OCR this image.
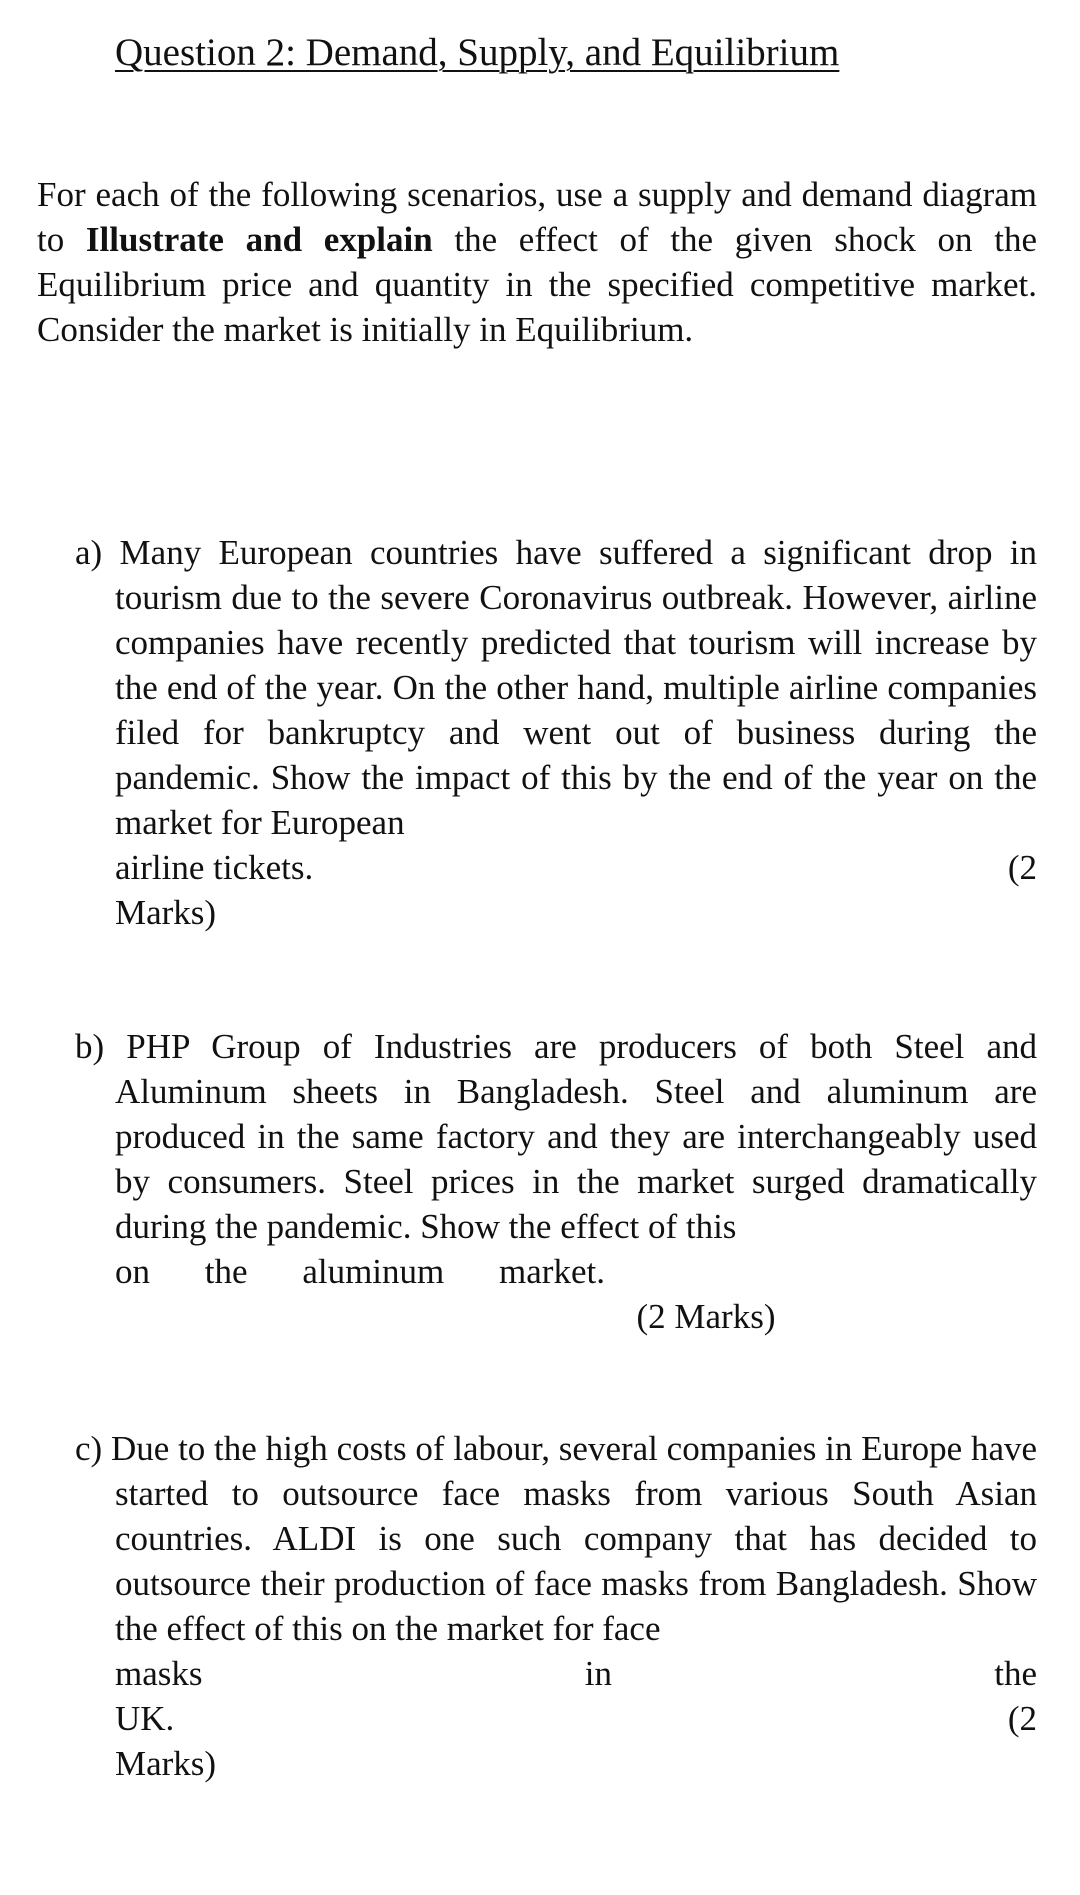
Question 2: Demand, Supply, and Equilibrium
For each of the following scenarios, use a supply and demand diagram to Illustrate and explain the effect of the given shock on the Equilibrium price and quantity in the specified competitive market. Consider the market is initially in Equilibrium.
a) Many European countries have suffered a significant drop in tourism due to the severe Coronavirus outbreak. However, airline companies have recently predicted that tourism will increase by the end of the year. On the other hand, multiple airline companies filed for bankruptcy and went out of business during the pandemic. Show the impact of this by the end of the year on the market for European
airline tickets.	(2
Marks)
b) PHP Group of Industries are producers of both Steel and Aluminum sheets in Bangladesh. Steel and aluminum are produced in the same factory and they are interchangeably used by consumers. Steel prices in the market surged dramatically during the pandemic. Show the effect of this
on the aluminum market.
(2 Marks)
c) Due to the high costs of labour, several companies in Europe have started to outsource face masks from various South Asian countries. ALDI is one such company that has decided to outsource their production of face masks from Bangladesh. Show the effect of this on the market for face
masks	in	the
UK.	(2
Marks)
